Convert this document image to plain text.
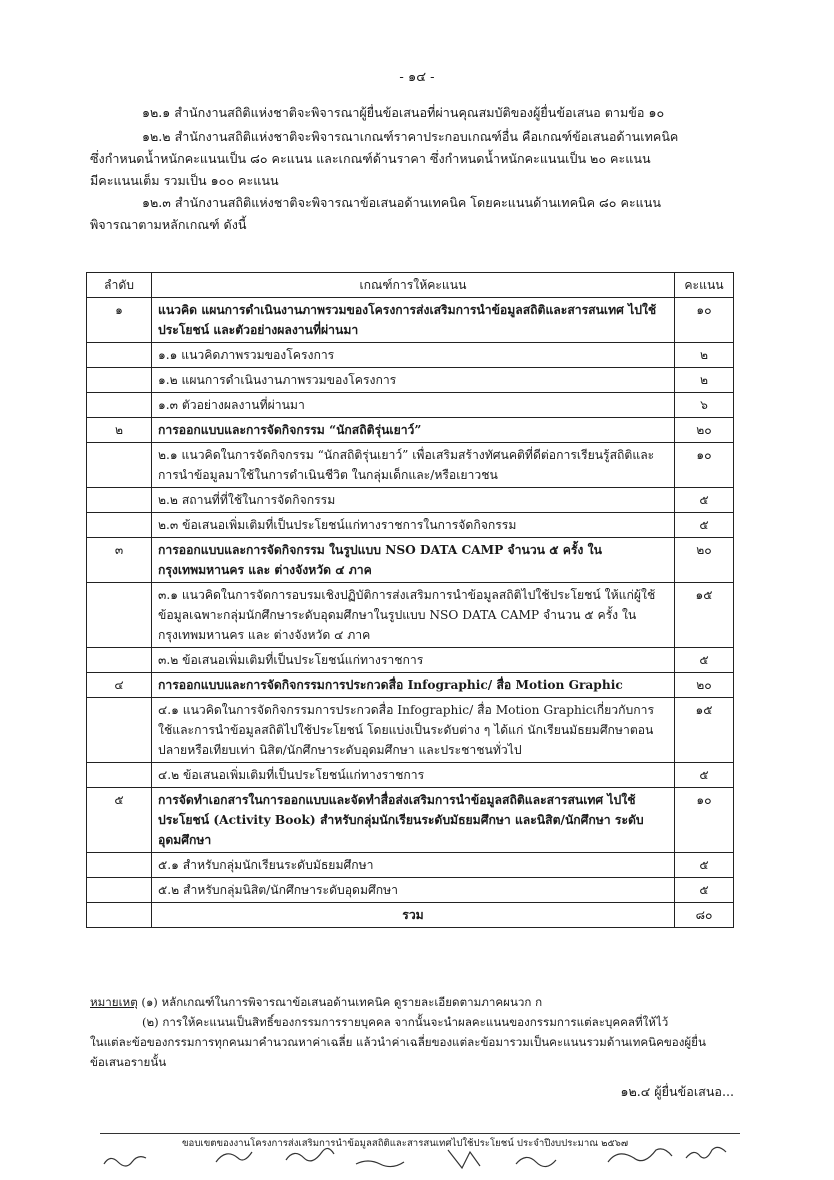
- ๑๔ -
๑๒.๑ สำนักงานสถิติแห่งชาติจะพิจารณาผู้ยื่นข้อเสนอที่ผ่านคุณสมบัติของผู้ยื่นข้อเสนอ ตามข้อ ๑๐
๑๒.๒ สำนักงานสถิติแห่งชาติจะพิจารณาเกณฑ์ราคาประกอบเกณฑ์อื่น คือเกณฑ์ข้อเสนอด้านเทคนิค
ซึ่งกำหนดน้ำหนักคะแนนเป็น ๘๐ คะแนน และเกณฑ์ด้านราคา ซึ่งกำหนดน้ำหนักคะแนนเป็น ๒๐ คะแนน
มีคะแนนเต็ม รวมเป็น ๑๐๐ คะแนน
๑๒.๓ สำนักงานสถิติแห่งชาติจะพิจารณาข้อเสนอด้านเทคนิค โดยคะแนนด้านเทคนิค ๘๐ คะแนน
พิจารณาตามหลักเกณฑ์ ดังนี้
ลำดับ	เกณฑ์การให้คะแนน	คะแนน
๑	แนวคิด แผนการดำเนินงานภาพรวมของโครงการส่งเสริมการนำข้อมูลสถิติและสารสนเทศ ไปใช้ประโยชน์ และตัวอย่างผลงานที่ผ่านมา	๑๐
	๑.๑ แนวคิดภาพรวมของโครงการ	๒
	๑.๒ แผนการดำเนินงานภาพรวมของโครงการ	๒
	๑.๓ ตัวอย่างผลงานที่ผ่านมา	๖
๒	การออกแบบและการจัดกิจกรรม “นักสถิติรุ่นเยาว์”	๒๐
	๒.๑ แนวคิดในการจัดกิจกรรม “นักสถิติรุ่นเยาว์” เพื่อเสริมสร้างทัศนคติที่ดีต่อการเรียนรู้สถิติและการนำข้อมูลมาใช้ในการดำเนินชีวิต ในกลุ่มเด็กและ/หรือเยาวชน	๑๐
	๒.๒ สถานที่ที่ใช้ในการจัดกิจกรรม	๕
	๒.๓ ข้อเสนอเพิ่มเติมที่เป็นประโยชน์แก่ทางราชการในการจัดกิจกรรม	๕
๓	การออกแบบและการจัดกิจกรรม ในรูปแบบ NSO DATA CAMP จำนวน ๕ ครั้ง ในกรุงเทพมหานคร และ ต่างจังหวัด ๔ ภาค	๒๐
	๓.๑ แนวคิดในการจัดการอบรมเชิงปฏิบัติการส่งเสริมการนำข้อมูลสถิติไปใช้ประโยชน์ ให้แก่ผู้ใช้ข้อมูลเฉพาะกลุ่มนักศึกษาระดับอุดมศึกษาในรูปแบบ NSO DATA CAMP จำนวน ๕ ครั้ง ในกรุงเทพมหานคร และ ต่างจังหวัด ๔ ภาค	๑๕
	๓.๒ ข้อเสนอเพิ่มเติมที่เป็นประโยชน์แก่ทางราชการ	๕
๔	การออกแบบและการจัดกิจกรรมการประกวดสื่อ Infographic/ สื่อ Motion Graphic	๒๐
	๔.๑ แนวคิดในการจัดกิจกรรมการประกวดสื่อ Infographic/ สื่อ Motion Graphicเกี่ยวกับการใช้และการนำข้อมูลสถิติไปใช้ประโยชน์ โดยแบ่งเป็นระดับต่าง ๆ ได้แก่ นักเรียนมัธยมศึกษาตอนปลายหรือเทียบเท่า นิสิต/นักศึกษาระดับอุดมศึกษา และประชาชนทั่วไป	๑๕
	๔.๒ ข้อเสนอเพิ่มเติมที่เป็นประโยชน์แก่ทางราชการ	๕
๕	การจัดทำเอกสารในการออกแบบและจัดทำสื่อส่งเสริมการนำข้อมูลสถิติและสารสนเทศ ไปใช้ประโยชน์ (Activity Book) สำหรับกลุ่มนักเรียนระดับมัธยมศึกษา และนิสิต/นักศึกษา ระดับอุดมศึกษา	๑๐
	๕.๑ สำหรับกลุ่มนักเรียนระดับมัธยมศึกษา	๕
	๕.๒ สำหรับกลุ่มนิสิต/นักศึกษาระดับอุดมศึกษา	๕
	รวม	๘๐
หมายเหตุ (๑) หลักเกณฑ์ในการพิจารณาข้อเสนอด้านเทคนิค ดูรายละเอียดตามภาคผนวก ก
(๒) การให้คะแนนเป็นสิทธิ์ของกรรมการรายบุคคล จากนั้นจะนำผลคะแนนของกรรมการแต่ละบุคคลที่ให้ไว้
ในแต่ละข้อของกรรมการทุกคนมาคำนวณหาค่าเฉลี่ย แล้วนำค่าเฉลี่ยของแต่ละข้อมารวมเป็นคะแนนรวมด้านเทคนิคของผู้ยื่น
ข้อเสนอรายนั้น
๑๒.๔ ผู้ยื่นข้อเสนอ...
ขอบเขตของงานโครงการส่งเสริมการนำข้อมูลสถิติและสารสนเทศไปใช้ประโยชน์ ประจำปีงบประมาณ ๒๕๖๗
